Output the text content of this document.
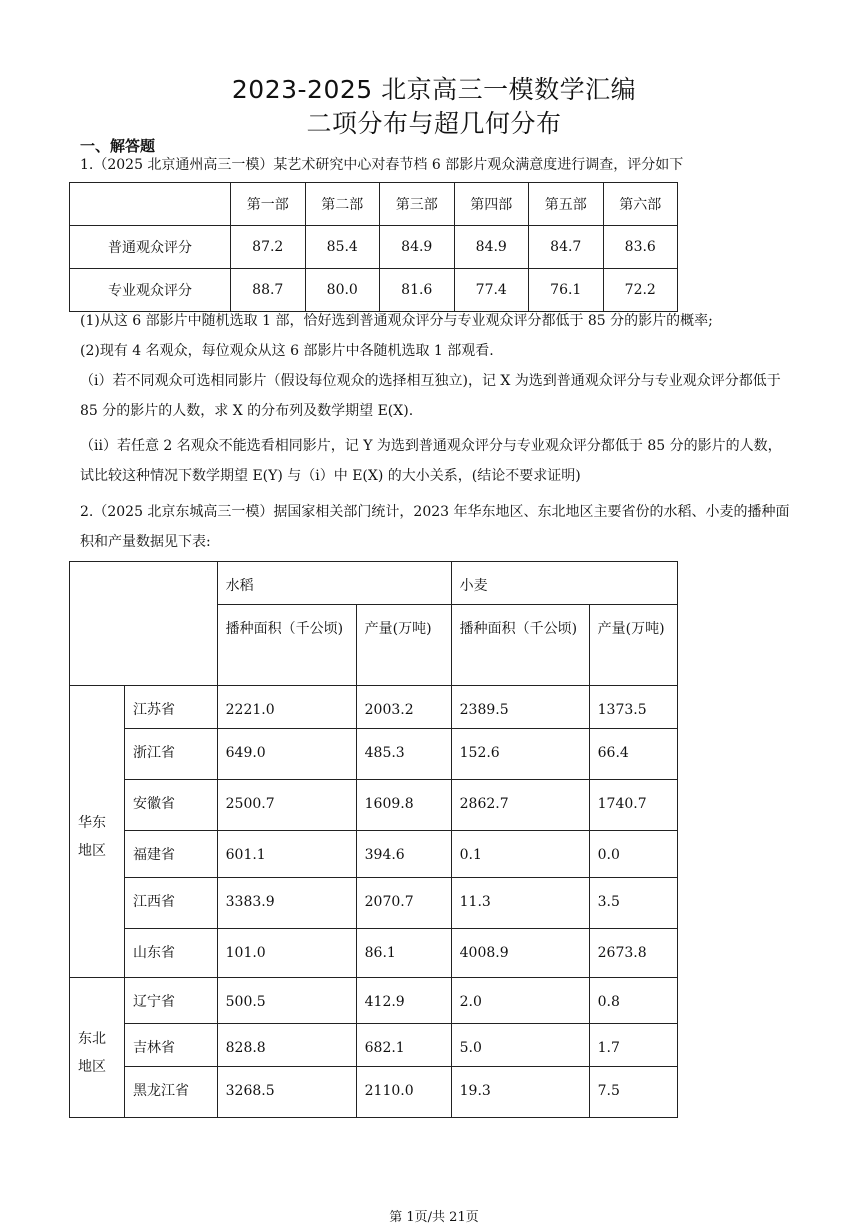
2023-2025 北京高三一模数学汇编
二项分布与超几何分布
一、解答题
1.（2025 北京通州高三一模）某艺术研究中心对春节档 6 部影片观众满意度进行调查，评分如下
	第一部	第二部	第三部	第四部	第五部	第六部
普通观众评分	87.2	85.4	84.9	84.9	84.7	83.6
专业观众评分	88.7	80.0	81.6	77.4	76.1	72.2
(1)从这 6 部影片中随机选取 1 部，恰好选到普通观众评分与专业观众评分都低于 85 分的影片的概率;
(2)现有 4 名观众，每位观众从这 6 部影片中各随机选取 1 部观看.
（i）若不同观众可选相同影片（假设每位观众的选择相互独立)，记 X 为选到普通观众评分与专业观众评分都低于 85 分的影片的人数，求 X 的分布列及数学期望 E(X).
（ii）若任意 2 名观众不能选看相同影片，记 Y 为选到普通观众评分与专业观众评分都低于 85 分的影片的人数，试比较这种情况下数学期望 E(Y) 与（i）中 E(X) 的大小关系，(结论不要求证明)
2.（2025 北京东城高三一模）据国家相关部门统计，2023 年华东地区、东北地区主要省份的水稻、小麦的播种面积和产量数据见下表:
		水稻		小麦	
		播种面积（千公顷)	产量(万吨)	播种面积（千公顷)	产量(万吨)

华东
地区	江苏省	2221.0	2003.2	2389.5	1373.5
	浙江省	649.0	485.3	152.6	66.4
	安徽省	2500.7	1609.8	2862.7	1740.7
	福建省	601.1	394.6	0.1	0.0
	江西省	3383.9	2070.7	11.3	3.5
	山东省	101.0	86.1	4008.9	2673.8

东北
地区	辽宁省	500.5	412.9	2.0	0.8
	吉林省	828.8	682.1	5.0	1.7
	黑龙江省	3268.5	2110.0	19.3	7.5
第 1页/共 21页
